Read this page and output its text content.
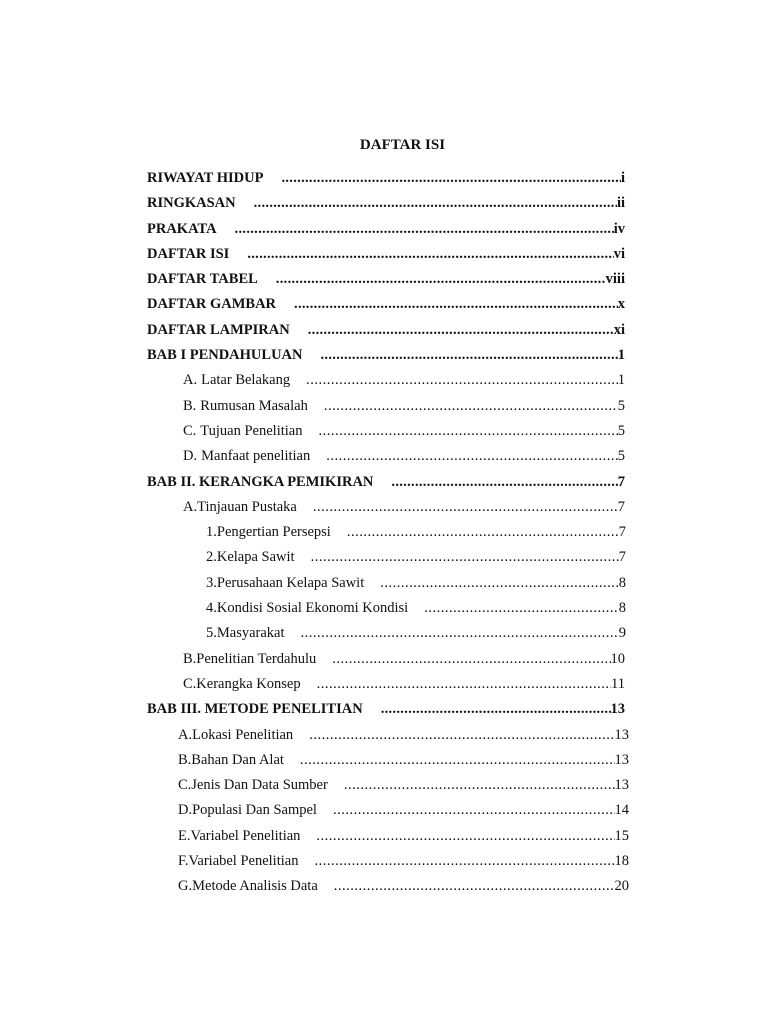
DAFTAR ISI
RIWAYAT HIDUP .....	i
RINGKASAN .....	ii
PRAKATA .....	iv
DAFTAR ISI .....	vi
DAFTAR TABEL .....	viii
DAFTAR GAMBAR .....	x
DAFTAR LAMPIRAN .....	xi
BAB I PENDAHULUAN .....	1
A. Latar Belakang .....	1
B. Rumusan Masalah .....	5
C. Tujuan Penelitian .....	5
D. Manfaat penelitian .....	5
BAB II. KERANGKA PEMIKIRAN .....	7
A. Tinjauan Pustaka .....	7
1. Pengertian Persepsi .....	7
2. Kelapa Sawit .....	7
3. Perusahaan Kelapa Sawit .....	8
4. Kondisi Sosial Ekonomi Kondisi .....	8
5. Masyarakat .....	9
B. Penelitian Terdahulu .....	10
C. Kerangka Konsep .....	11
BAB III. METODE PENELITIAN .....	13
A. Lokasi Penelitian .....	13
B. Bahan Dan Alat .....	13
C. Jenis Dan Data Sumber .....	13
D. Populasi Dan Sampel .....	14
E. Variabel Penelitian .....	15
F. Variabel Penelitian .....	18
G. Metode Analisis Data .....	20
